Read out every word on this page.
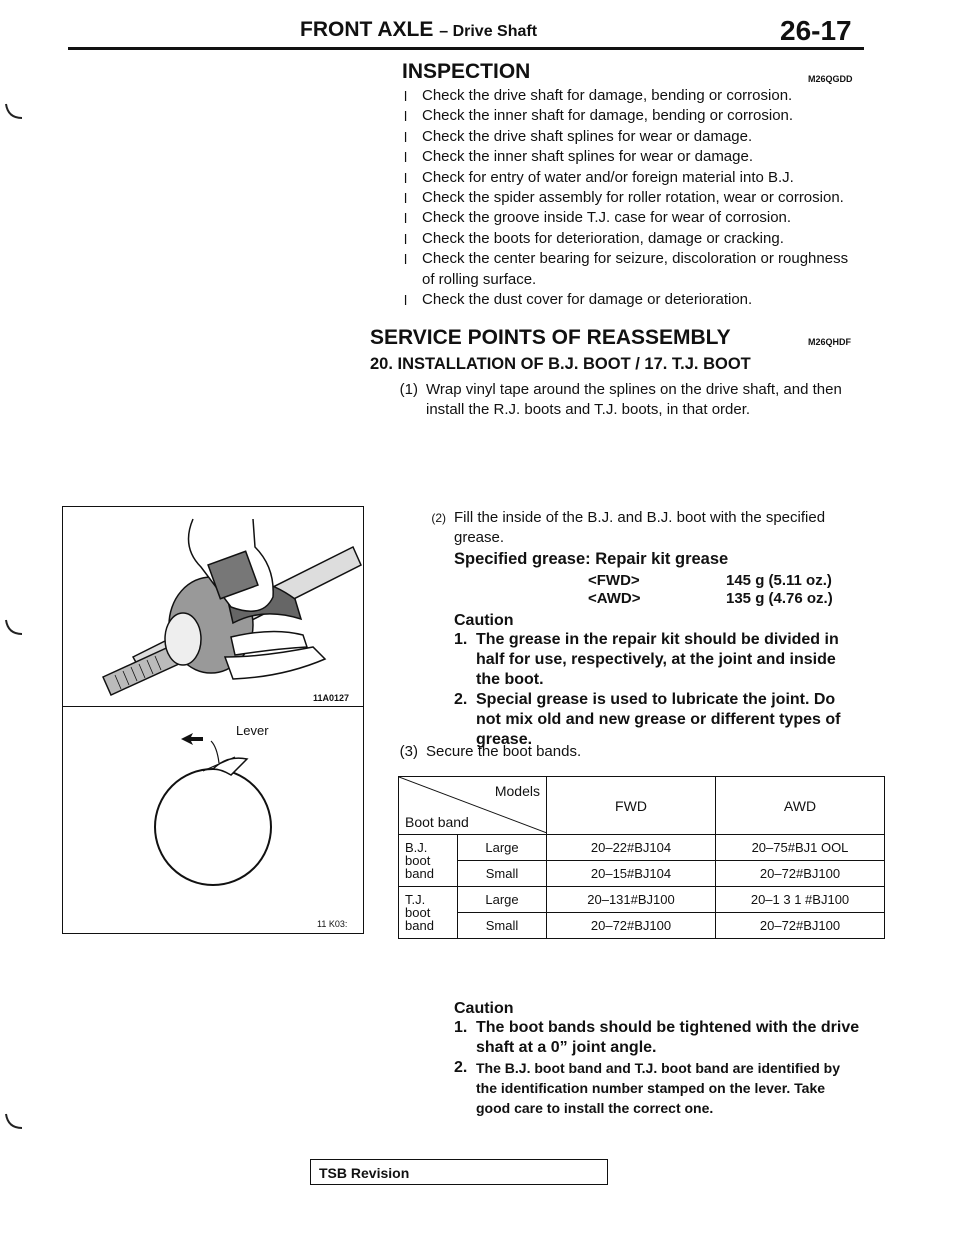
FRONT AXLE – Drive Shaft	26-17
INSPECTION	M26QGDD
l Check the drive shaft for damage, bending or corrosion.
l Check the inner shaft for damage, bending or corrosion.
l Check the drive shaft splines for wear or damage.
l Check the inner shaft splines for wear or damage.
l Check for entry of water and/or foreign material into B.J.
l Check the spider assembly for roller rotation, wear or corrosion.
l Check the groove inside T.J. case for wear of corrosion.
l Check the boots for deterioration, damage or cracking.
l Check the center bearing for seizure, discoloration or roughness of rolling surface.
l Check the dust cover for damage or deterioration.
SERVICE POINTS OF REASSEMBLY	M26QHDF
20. INSTALLATION OF B.J. BOOT / 17. T.J. BOOT
(1) Wrap vinyl tape around the splines on the drive shaft, and then install the R.J. boots and T.J. boots, in that order.
11A0127
Lever
11 K03:
(2) Fill the inside of the B.J. and B.J. boot with the specified grease.
Specified grease: Repair kit grease
<FWD>	145 g (5.11 oz.)
<AWD>	135 g (4.76 oz.)
Caution
1. The grease in the repair kit should be divided in half for use, respectively, at the joint and inside the boot.
2. Special grease is used to lubricate the joint. Do not mix old and new grease or different types of grease.
(3) Secure the boot bands.
Models
Boot band		FWD	AWD

B.J.
boot
band	Large	20–22#BJ104	20–75#BJ1 OOL
	Small	20–15#BJ104	20–72#BJ100

T.J.
boot
band	Large	20–131#BJ100	20–1 3 1 #BJ100
	Small	20–72#BJ100	20–72#BJ100
Caution
1. The boot bands should be tightened with the drive shaft at a 0” joint angle.
2. The B.J. boot band and T.J. boot band are identified by the identification number stamped on the lever. Take good care to install the correct one.
TSB Revision
